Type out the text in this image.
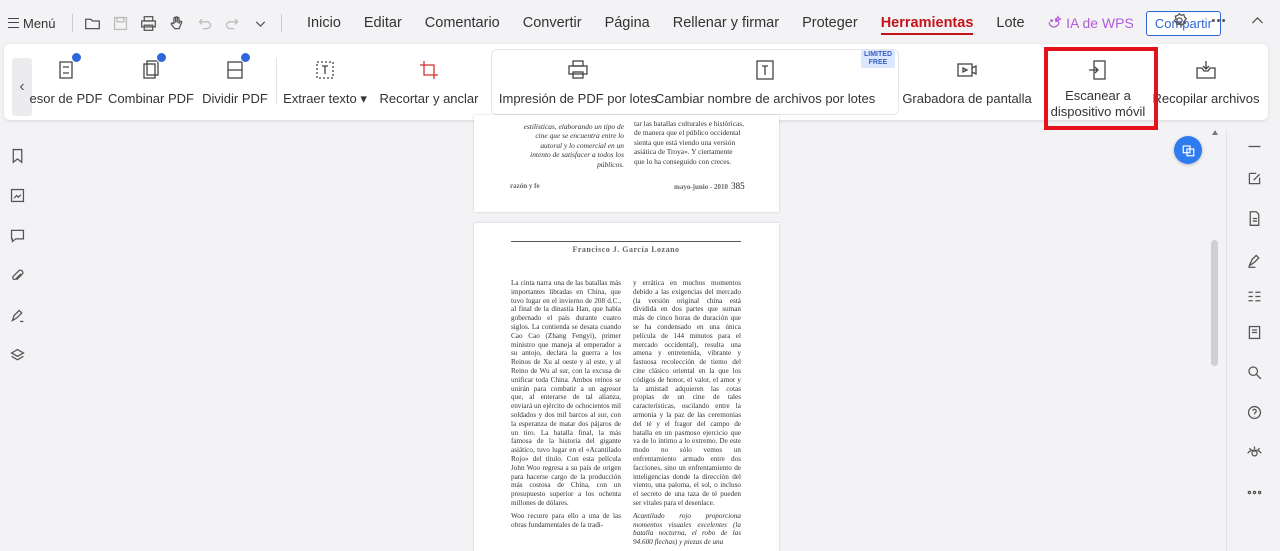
Menú	Inicio	Editar	Comentario	Convertir	Página	Rellenar y firmar	Proteger	Herramientas	Lote	IA de WPS	Compartir
‹
esor de PDF Combinar PDF Dividir PDF Extraer texto ▾ Recortar y anclar
LIMITED
FREE
Impresión de PDF por lotes
Cambiar nombre de archivos por lotes Grabadora de pantalla	Escanear a
dispositivo móvil
Recopilar archivos
estilísticas, elaborando un tipo de cine que se encuentra entre lo autoral y lo comercial en un intento de satisfacer a todos los públicos.
tar las batallas culturales e históricas, de manera que el público occidental sienta que está viendo una versión asiática de Troya». Y ciertamente que lo ha conseguido con creces.
razón y fe	mayo-junio - 2010 385
Francisco J. García Lozano

La cinta narra una de las batallas más importantes libradas en China, que tuvo lugar en el invierno de 208 d.C., al final de la dinastía Han, que había gobernado el país durante cuatro siglos. La contienda se desata cuando Cao Cao (Zhang Fengyi), primer ministro que maneja al emperador a su antojo, declara la guerra a los Reinos de Xu al oeste y al este, y al Reino de Wu al sur, con la excusa de unificar toda China. Ambos reinos se unirán para combatir a un agresor que, al enterarse de tal alianza, enviará un ejército de ochocientos mil soldados y dos mil barcos al sur, con la esperanza de matar dos pájaros de un tiro. La batalla final, la más famosa de la historia del gigante asiático, tuvo lugar en el «Acantilado Rojo» del título. Con esta película John Woo regresa a su país de origen para hacerse cargo de la producción más costosa de China, con un presupuesto superior a los ochenta millones de dólares.

Woo recurre para ello a una de las obras fundamentales de la tradi-

y errática en muchos momentos debido a las exigencias del mercado (la versión original china está dividida en dos partes que suman más de cinco horas de duración que se ha condensado en una única película de 144 minutos para el mercado occidental), resulta una amena y entretenida, vibrante y fastuosa recolección de tiemo del cine clásico oriental en la que los códigos de honor, el valor, el amor y la amistad adquieren las cotas propias de un cine de tales características, oscilando entre la armonía y la paz de las ceremonias del té y el fragor del campo de batalla en un pasmoso ejercicio que va de lo íntimo a lo extremo. De este modo no sólo vemos un enfrentamiento armado entre dos facciones, sino un enfrentamiento de inteligencias donde la dirección del viento, una paloma, el sol, o incluso el secreto de una taza de té pueden ser vitales para el desenlace.

Acantilado rojo proporciona momentos visuales excelentes (la batalla nocturna, el robo de las 94.600 flechas) y piezas de una
